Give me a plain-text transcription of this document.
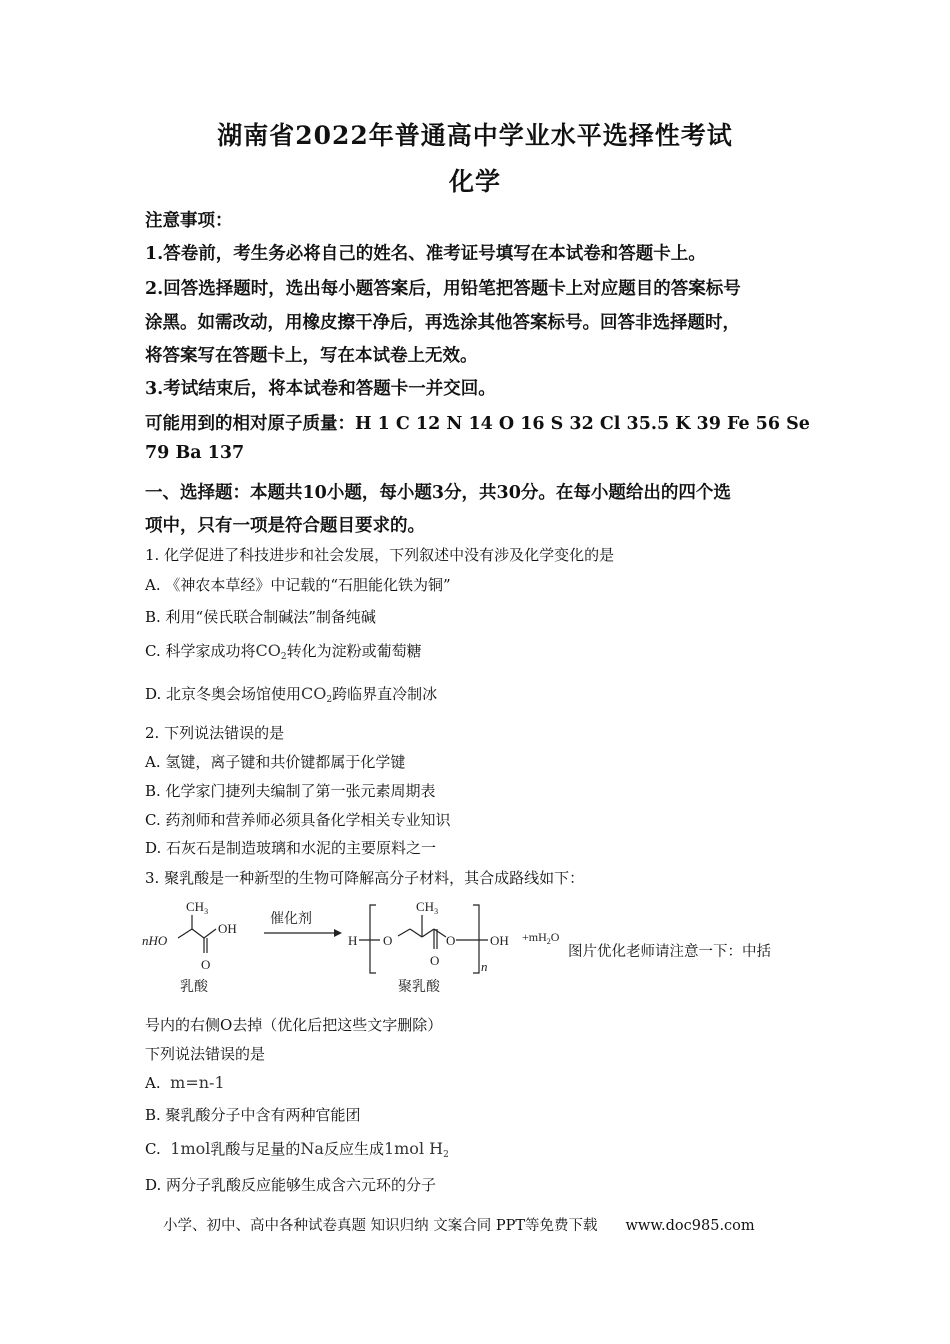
湖南省2022年普通高中学业水平选择性考试
化学
注意事项：
1.答卷前，考生务必将自己的姓名、准考证号填写在本试卷和答题卡上。
2.回答选择题时，选出每小题答案后，用铅笔把答题卡上对应题目的答案标号
涂黑。如需改动，用橡皮擦干净后，再选涂其他答案标号。回答非选择题时，
将答案写在答题卡上，写在本试卷上无效。
3.考试结束后，将本试卷和答题卡一并交回。
可能用到的相对原子质量：H 1 C 12 N 14 O 16 S 32 Cl 35.5 K 39 Fe 56 Se
79 Ba 137
一、选择题：本题共10小题，每小题3分，共30分。在每小题给出的四个选
项中，只有一项是符合题目要求的。
1. 化学促进了科技进步和社会发展，下列叙述中没有涉及化学变化的是
A. 《神农本草经》中记载的“石胆能化铁为铜”
B. 利用“侯氏联合制碱法”制备纯碱
C. 科学家成功将$CO_2$转化为淀粉或葡萄糖
D. 北京冬奥会场馆使用$CO_2$跨临界直冷制冰
2. 下列说法错误的是
A. 氢键，离子键和共价键都属于化学键
B. 化学家门捷列夫编制了第一张元素周期表
C. 药剂师和营养师必须具备化学相关专业知识
D. 石灰石是制造玻璃和水泥的主要原料之一
3. 聚乳酸是一种新型的生物可降解高分子材料，其合成路线如下：
$CH_3$
nHO
OH
O
乳酸
催化剂
H O
$CH_3$
O
O
n
OH $+mH_2O$
聚乳酸
图片优化老师请注意一下：中括
号内的右侧O去掉（优化后把这些文字删除）
下列说法错误的是
A. m=n-1
B. 聚乳酸分子中含有两种官能团
C. 1mol乳酸与足量的Na反应生成1mol $H_2$
D. 两分子乳酸反应能够生成含六元环的分子
小学、初中、高中各种试卷真题 知识归纳 文案合同 PPT等免费下载 www.doc985.com
